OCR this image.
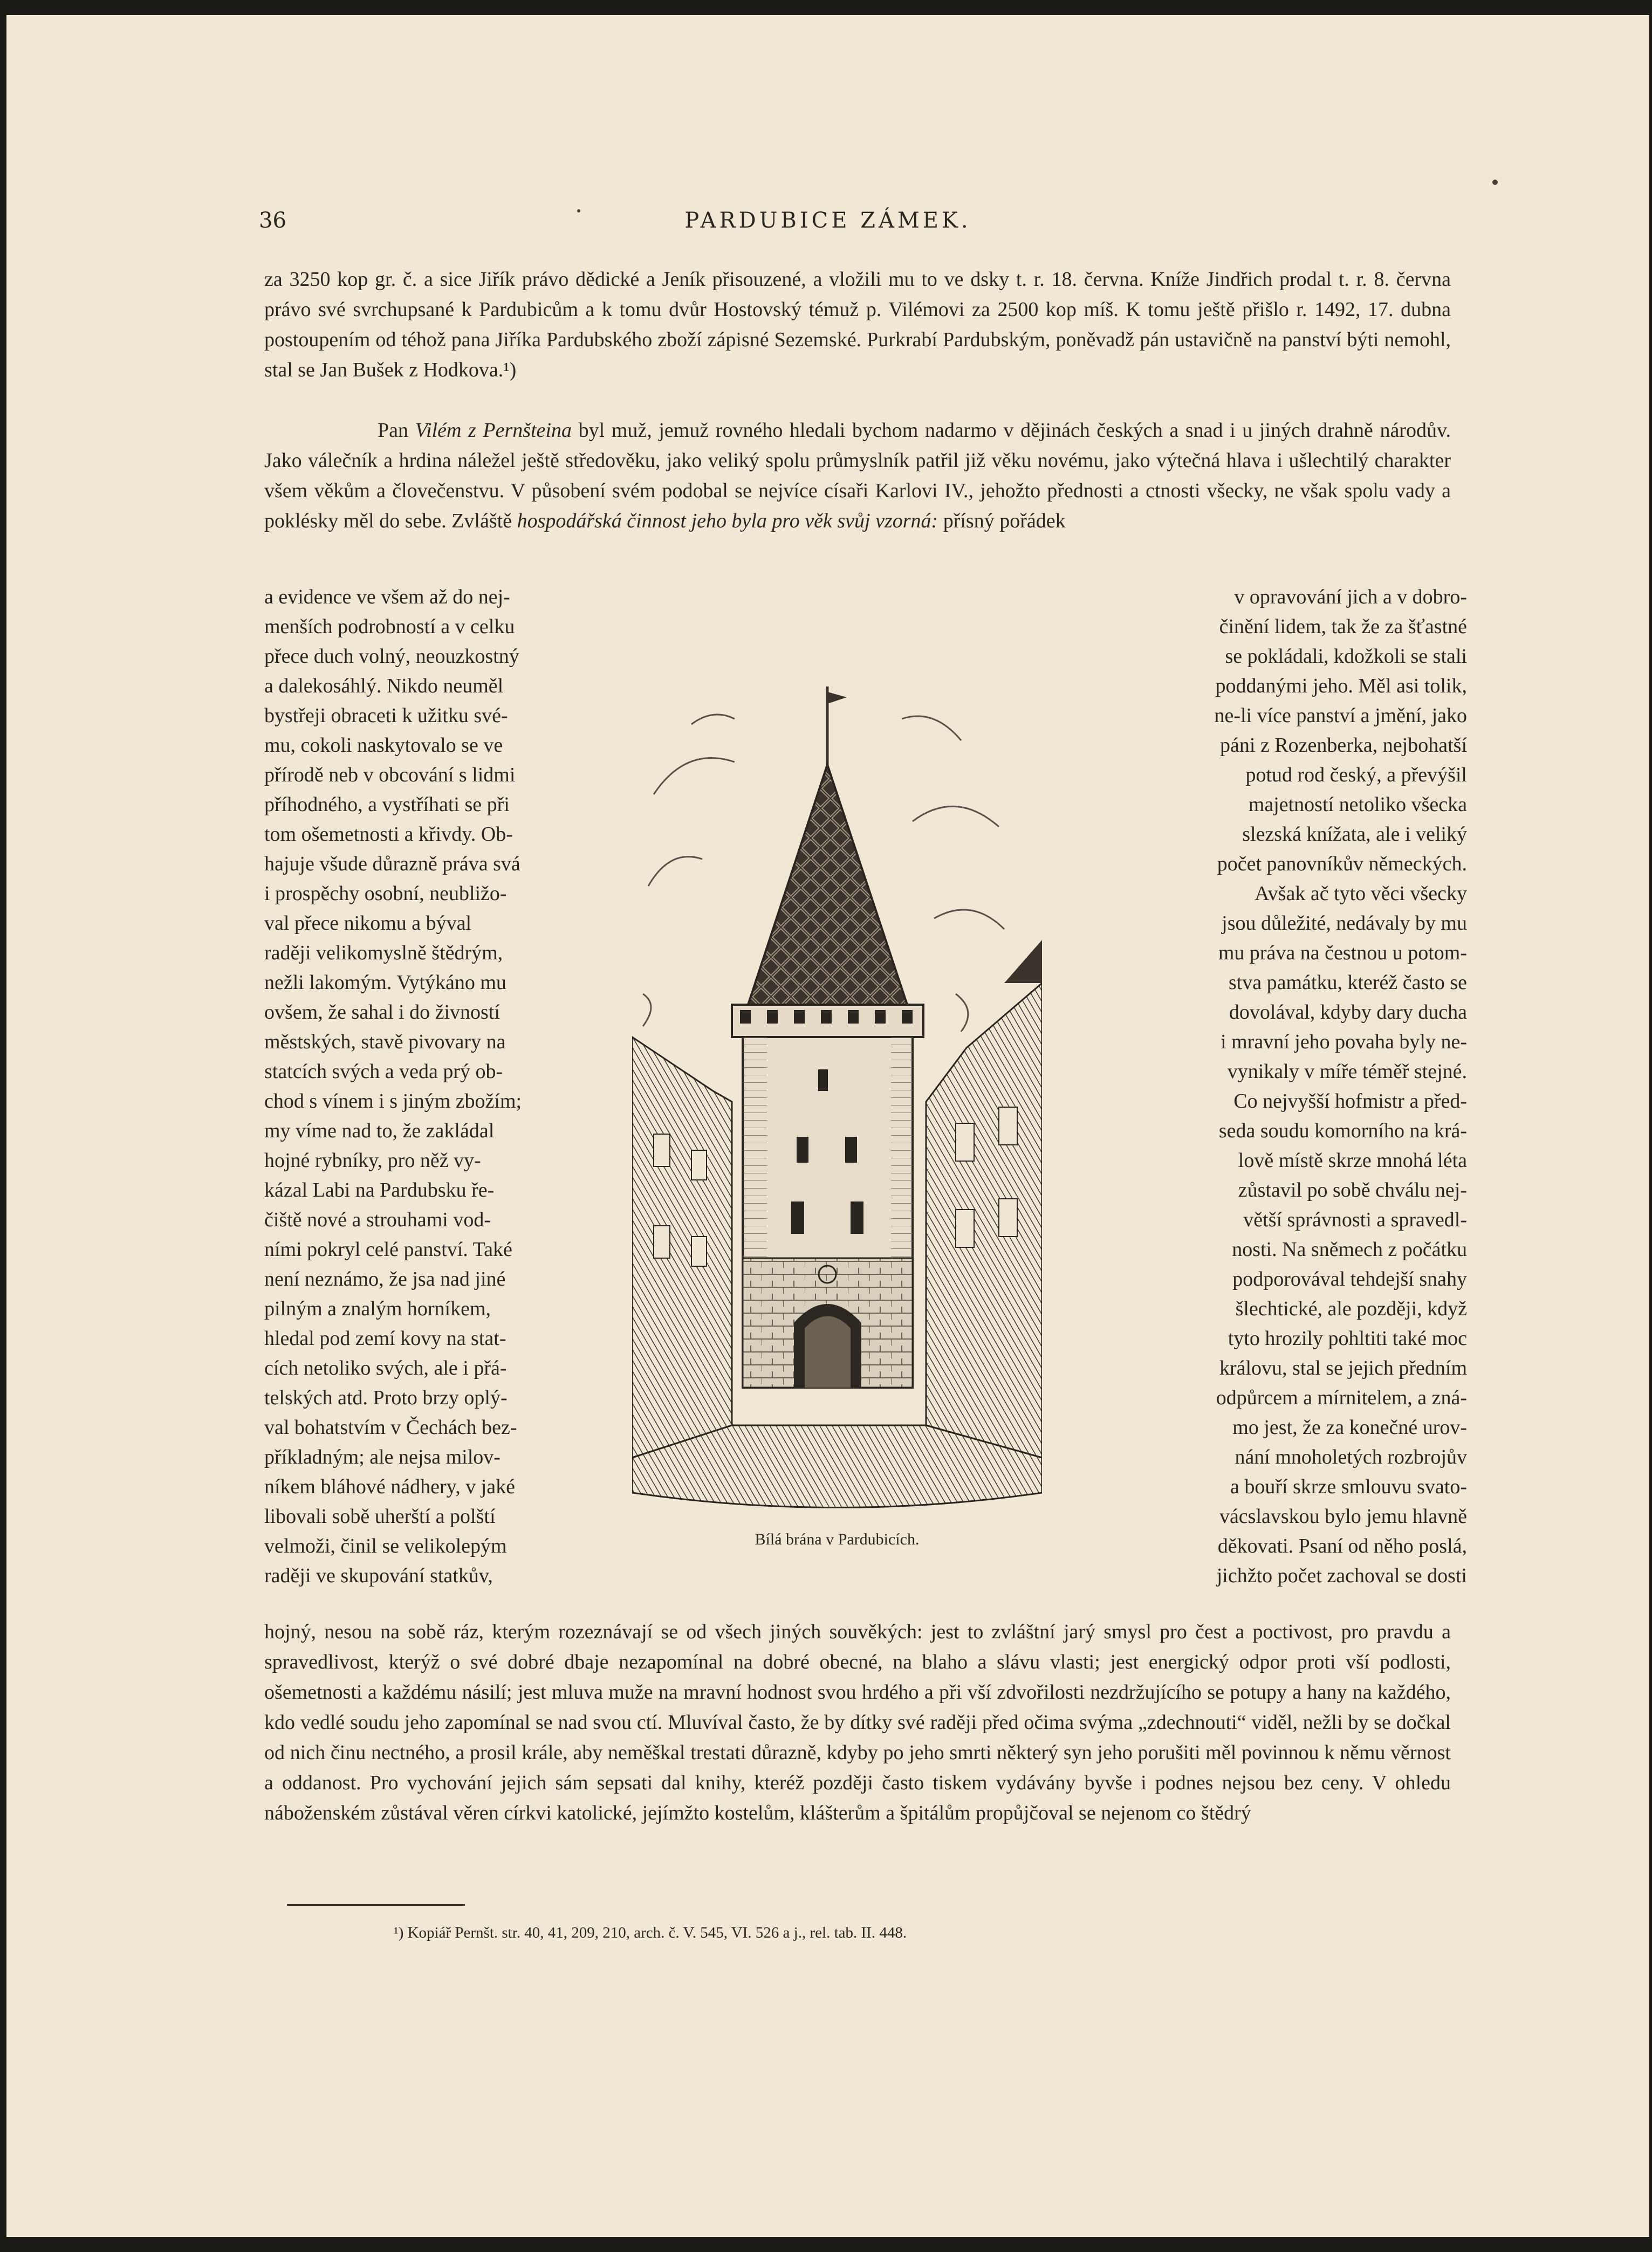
36	PARDUBICE ZÁMEK.

za 3250 kop gr. č. a sice Jiřík právo dědické a Jeník přisouzené, a vložili mu to ve dsky t. r. 18. června. Kníže Jindřich prodal t. r. 8. června právo své svrchupsané k Pardubicům a k tomu dvůr Hostovský témuž p. Vilémovi za 2500 kop míš. K tomu ještě přišlo r. 1492, 17. dubna postoupením od téhož pana Jiříka Pardubského zboží zápisné Sezemské. Purkrabí Pardubským, poněvadž pán ustavičně na panství býti nemohl, stal se Jan Bušek z Hodkova.¹)

Pan Vilém z Pernšteina byl muž, jemuž rovného hledali bychom nadarmo v dějinách českých a snad i u jiných drahně národův. Jako válečník a hrdina náležel ještě středověku, jako veliký spolu průmyslník patřil již věku novému, jako výtečná hlava i ušlechtilý charakter všem věkům a človečenstvu. V působení svém podobal se nejvíce císaři Karlovi IV., jehožto přednosti a ctnosti všecky, ne však spolu vady a poklésky měl do sebe. Zvláště hospodářská činnost jeho byla pro věk svůj vzorná: přísný pořádek

a evidence ve všem až do nej-
menších podrobností a v celku
přece duch volný, neouzkostný
a dalekosáhlý. Nikdo neuměl
bystřeji obraceti k užitku své-
mu, cokoli naskytovalo se ve
přírodě neb v obcování s lidmi
příhodného, a vystříhati se při
tom ošemetnosti a křivdy. Ob-
hajuje všude důrazně práva svá
i prospěchy osobní, neubližo-
val přece nikomu a býval
raději velikomyslně štědrým,
nežli lakomým. Vytýkáno mu
ovšem, že sahal i do živností
městských, stavě pivovary na
statcích svých a veda prý ob-
chod s vínem i s jiným zbožím;
my víme nad to, že zakládal
hojné rybníky, pro něž vy-
kázal Labi na Pardubsku ře-
čiště nové a strouhami vod-
ními pokryl celé panství. Také
není neznámo, že jsa nad jiné
pilným a znalým horníkem,
hledal pod zemí kovy na stat-
cích netoliko svých, ale i přá-
telských atd. Proto brzy oplý-
val bohatstvím v Čechách bez-
příkladným; ale nejsa milov-
níkem bláhové nádhery, v jaké
libovali sobě uherští a polští
velmoži, činil se velikolepým
raději ve skupování statkův,
v opravování jich a v dobro-
činění lidem, tak že za šťastné
se pokládali, kdožkoli se stali
poddanými jeho. Měl asi tolik,
ne-li více panství a jmění, jako
páni z Rozenberka, nejbohatší
potud rod český, a převýšil
majetností netoliko všecka
slezská knížata, ale i veliký
počet panovníkův německých.
Avšak ač tyto věci všecky
jsou důležité, nedávaly by mu
mu práva na čestnou u potom-
stva památku, kteréž často se
dovolával, kdyby dary ducha
i mravní jeho povaha byly ne-
vynikaly v míře téměř stejné.
Co nejvyšší hofmistr a před-
seda soudu komorního na krá-
lově místě skrze mnohá léta
zůstavil po sobě chválu nej-
větší správnosti a spravedl-
nosti. Na sněmech z počátku
podporovával tehdejší snahy
šlechtické, ale později, když
tyto hrozily pohltiti také moc
královu, stal se jejich předním
odpůrcem a mírnitelem, a zná-
mo jest, že za konečné urov-
nání mnoholetých rozbrojův
a bouří skrze smlouvu svato-
vácslavskou bylo jemu hlavně
děkovati. Psaní od něho poslá,
jichžto počet zachoval se dosti
Bílá brána v Pardubicích.

hojný, nesou na sobě ráz, kterým rozeznávají se od všech jiných souvěkých: jest to zvláštní jarý smysl pro čest a poctivost, pro pravdu a spravedlivost, kterýž o své dobré dbaje nezapomínal na dobré obecné, na blaho a slávu vlasti; jest energický odpor proti vší podlosti, ošemetnosti a každému násilí; jest mluva muže na mravní hodnost svou hrdého a při vší zdvořilosti nezdržujícího se potupy a hany na každého, kdo vedlé soudu jeho zapomínal se nad svou ctí. Mluvíval často, že by dítky své raději před očima svýma „zdechnouti“ viděl, nežli by se dočkal od nich činu nectného, a prosil krále, aby neměškal trestati důrazně, kdyby po jeho smrti některý syn jeho porušiti měl povinnou k němu věrnost a oddanost. Pro vychování jejich sám sepsati dal knihy, kteréž později často tiskem vydávány byvše i podnes nejsou bez ceny. V ohledu náboženském zůstával věren církvi katolické, jejímžto kostelům, klášterům a špitálům propůjčoval se nejenom co štědrý

¹) Kopiář Pernšt. str. 40, 41, 209, 210, arch. č. V. 545, VI. 526 a j., rel. tab. II. 448.
